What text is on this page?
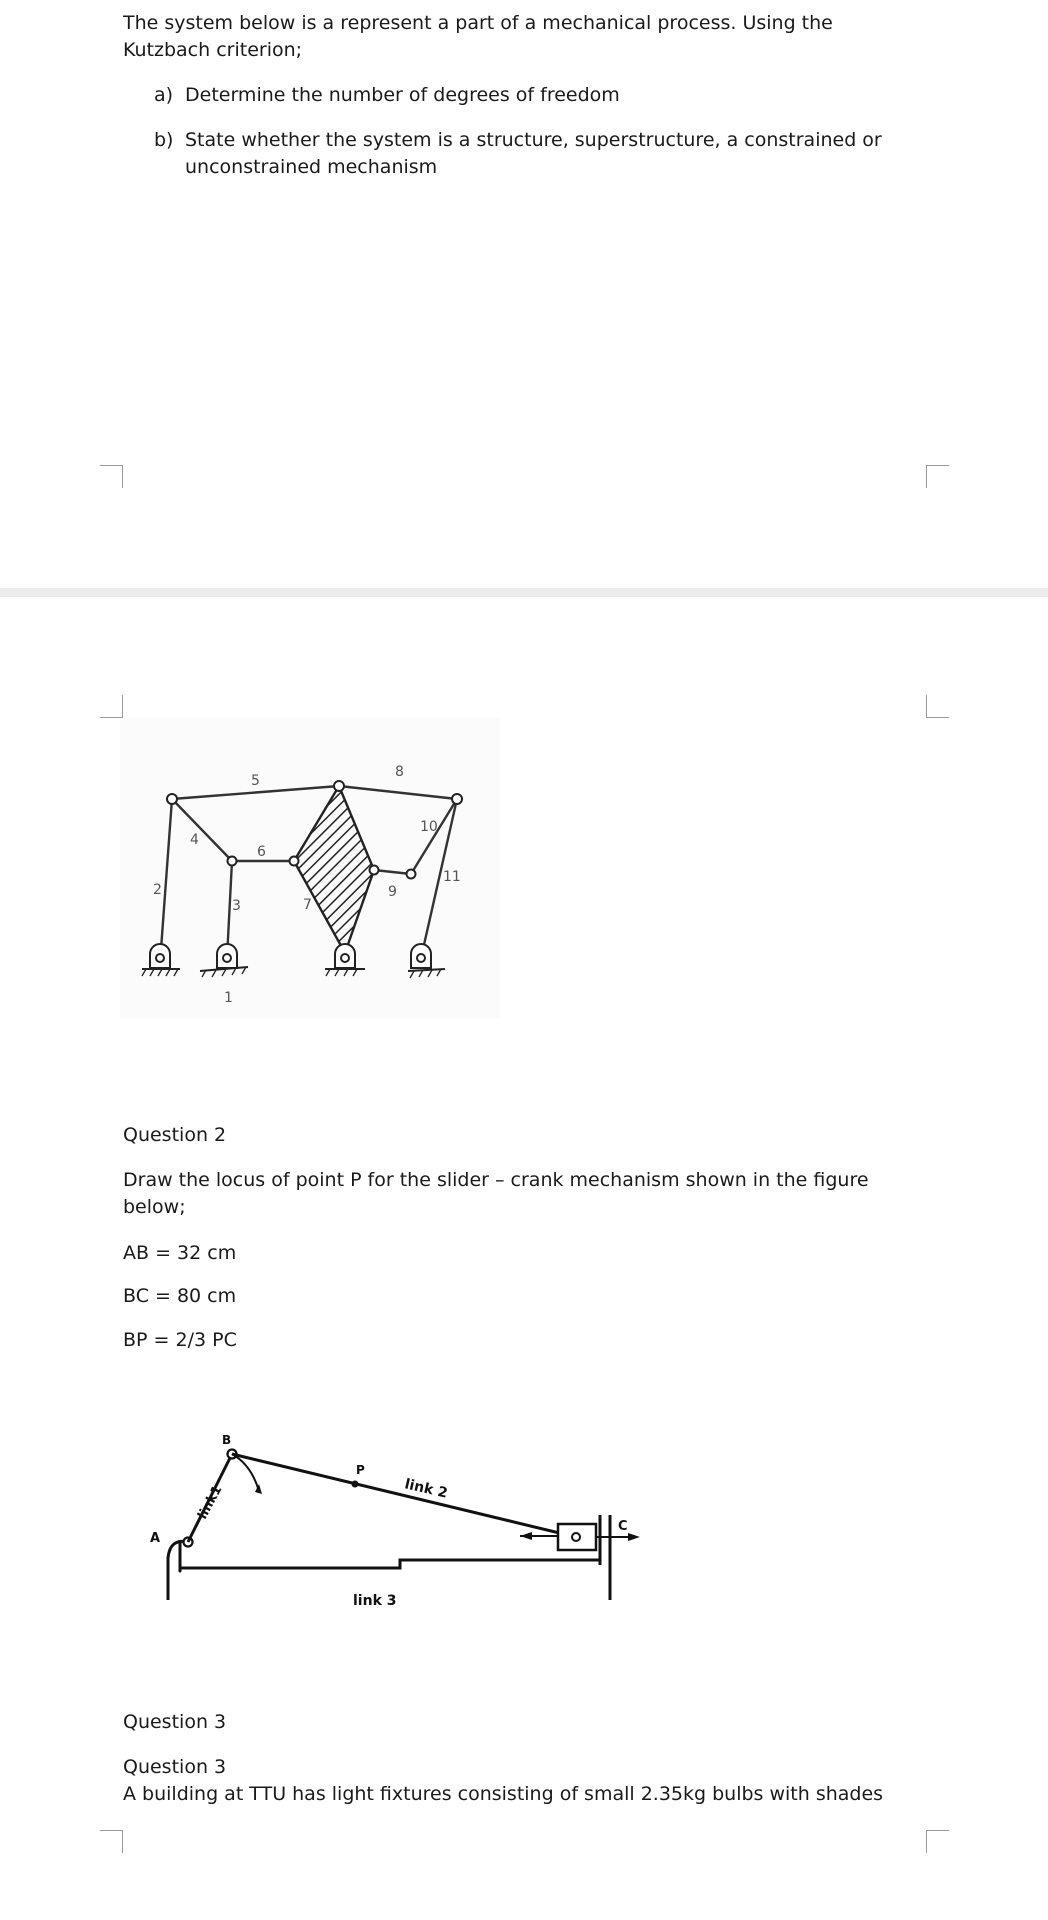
The system below is a represent a part of a mechanical process. Using the Kutzbach criterion;

a) Determine the number of degrees of freedom
b) State whether the system is a structure, superstructure, a constrained or unconstrained mechanism
1
2
3
4
5
6
7
8
9
10
11

Question 2

Draw the locus of point P for the slider – crank mechanism shown in the figure below;

AB = 32 cm

BC = 80 cm

BP = 2/3 PC

A
B
P
C
link1	link 2
link 3

Question 3

Question 3

A building at TTU has light fixtures consisting of small 2.35kg bulbs with shades
